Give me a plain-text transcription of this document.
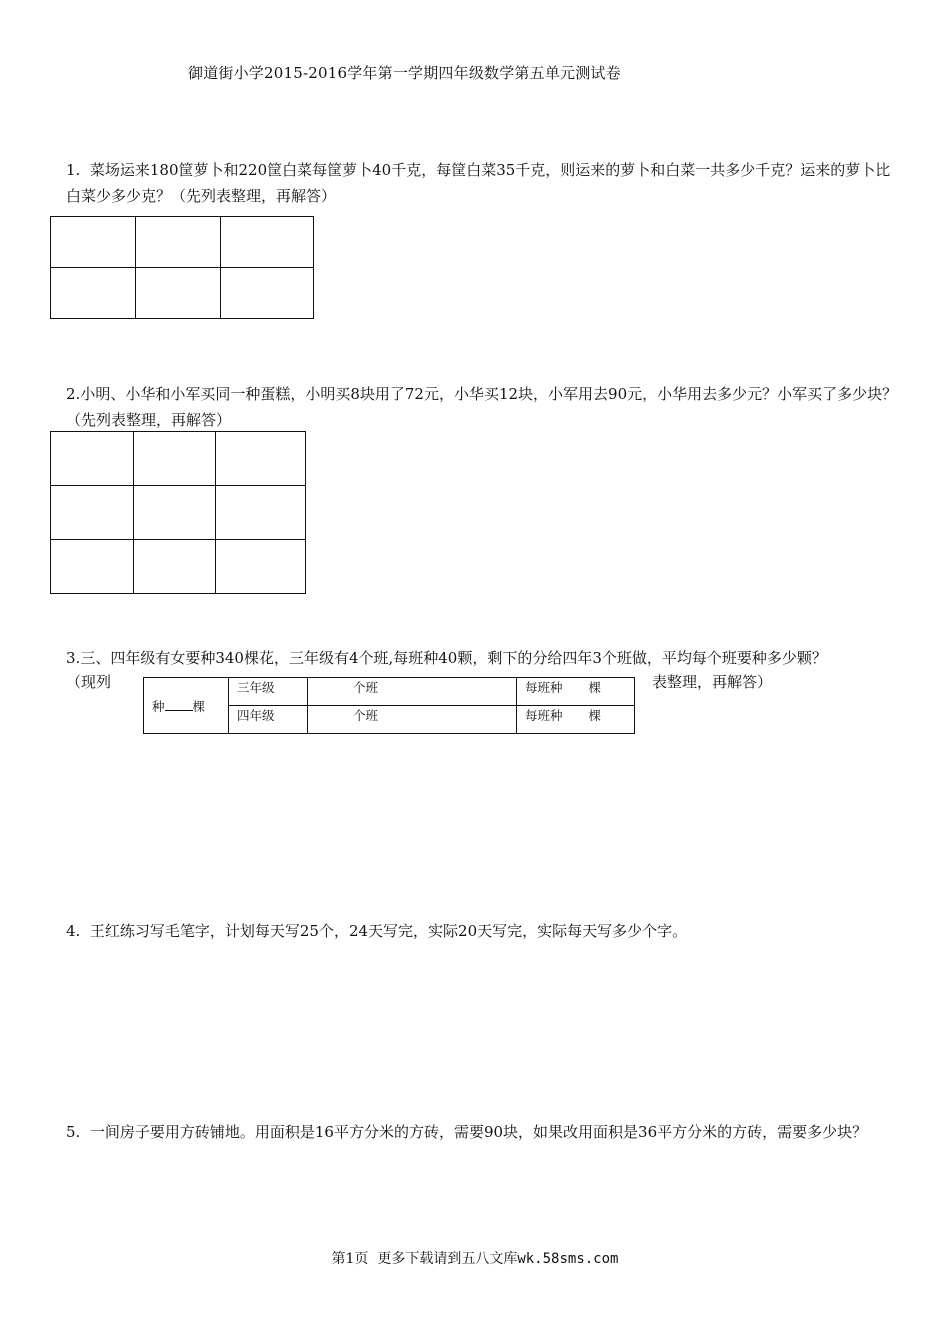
御道街小学2015-2016学年第一学期四年级数学第五单元测试卷
1. 菜场运来180筐萝卜和220筐白菜每筐萝卜40千克，每筐白菜35千克，则运来的萝卜和白菜一共多少千克？运来的萝卜比白菜少多少克？（先列表整理，再解答）

2.小明、小华和小军买同一种蛋糕，小明买8块用了72元，小华买12块，小军用去90元，小华用去多少元？小军买了多少块？（先列表整理，再解答）

3.三、四年级有女要种340棵花，三年级有4个班,每班种40颗，剩下的分给四年3个班做，平均每个班要种多少颗？
（现列	表整理，再解答）
种 棵	三年级	个班	每班种 棵
	四年级	个班	每班种 棵
4. 王红练习写毛笔字，计划每天写25个，24天写完，实际20天写完，实际每天写多少个字。
5. 一间房子要用方砖铺地。用面积是16平方分米的方砖，需要90块，如果改用面积是36平方分米的方砖，需要多少块？
第1页 更多下载请到五八文库wk.58sms.com
